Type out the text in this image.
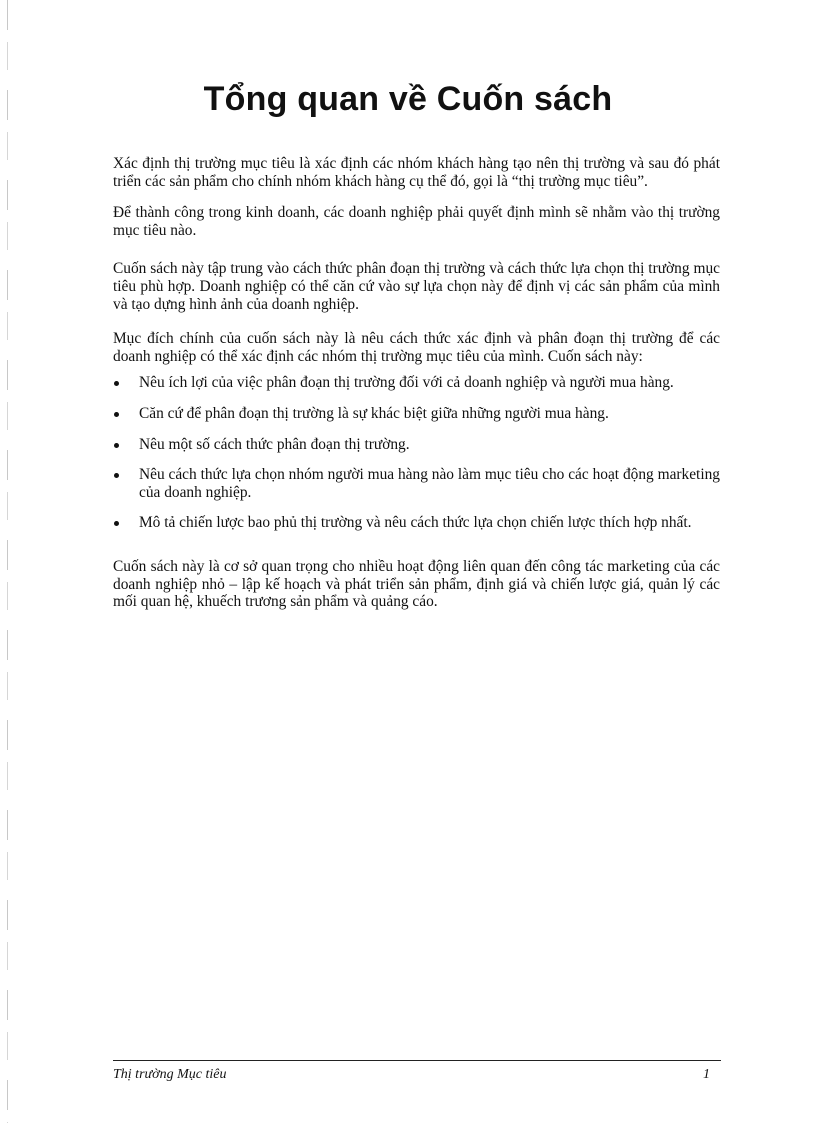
Tổng quan về Cuốn sách

Xác định thị trường mục tiêu là xác định các nhóm khách hàng tạo nên thị trường và sau đó phát triển các sản phẩm cho chính nhóm khách hàng cụ thể đó, gọi là “thị trường mục tiêu”.

Để thành công trong kinh doanh, các doanh nghiệp phải quyết định mình sẽ nhằm vào thị trường mục tiêu nào.

Cuốn sách này tập trung vào cách thức phân đoạn thị trường và cách thức lựa chọn thị trường mục tiêu phù hợp. Doanh nghiệp có thể căn cứ vào sự lựa chọn này để định vị các sản phẩm của mình và tạo dựng hình ảnh của doanh nghiệp.

Mục đích chính của cuốn sách này là nêu cách thức xác định và phân đoạn thị trường để các doanh nghiệp có thể xác định các nhóm thị trường mục tiêu của mình. Cuốn sách này:

Nêu ích lợi của việc phân đoạn thị trường đối với cả doanh nghiệp và người mua hàng.
Căn cứ để phân đoạn thị trường là sự khác biệt giữa những người mua hàng.
Nêu một số cách thức phân đoạn thị trường.
Nêu cách thức lựa chọn nhóm người mua hàng nào làm mục tiêu cho các hoạt động marketing của doanh nghiệp.
Mô tả chiến lược bao phủ thị trường và nêu cách thức lựa chọn chiến lược thích hợp nhất.

Cuốn sách này là cơ sở quan trọng cho nhiều hoạt động liên quan đến công tác marketing của các doanh nghiệp nhỏ – lập kế hoạch và phát triển sản phẩm, định giá và chiến lược giá, quản lý các mối quan hệ, khuếch trương sản phẩm và quảng cáo.

Thị trường Mục tiêu	1
